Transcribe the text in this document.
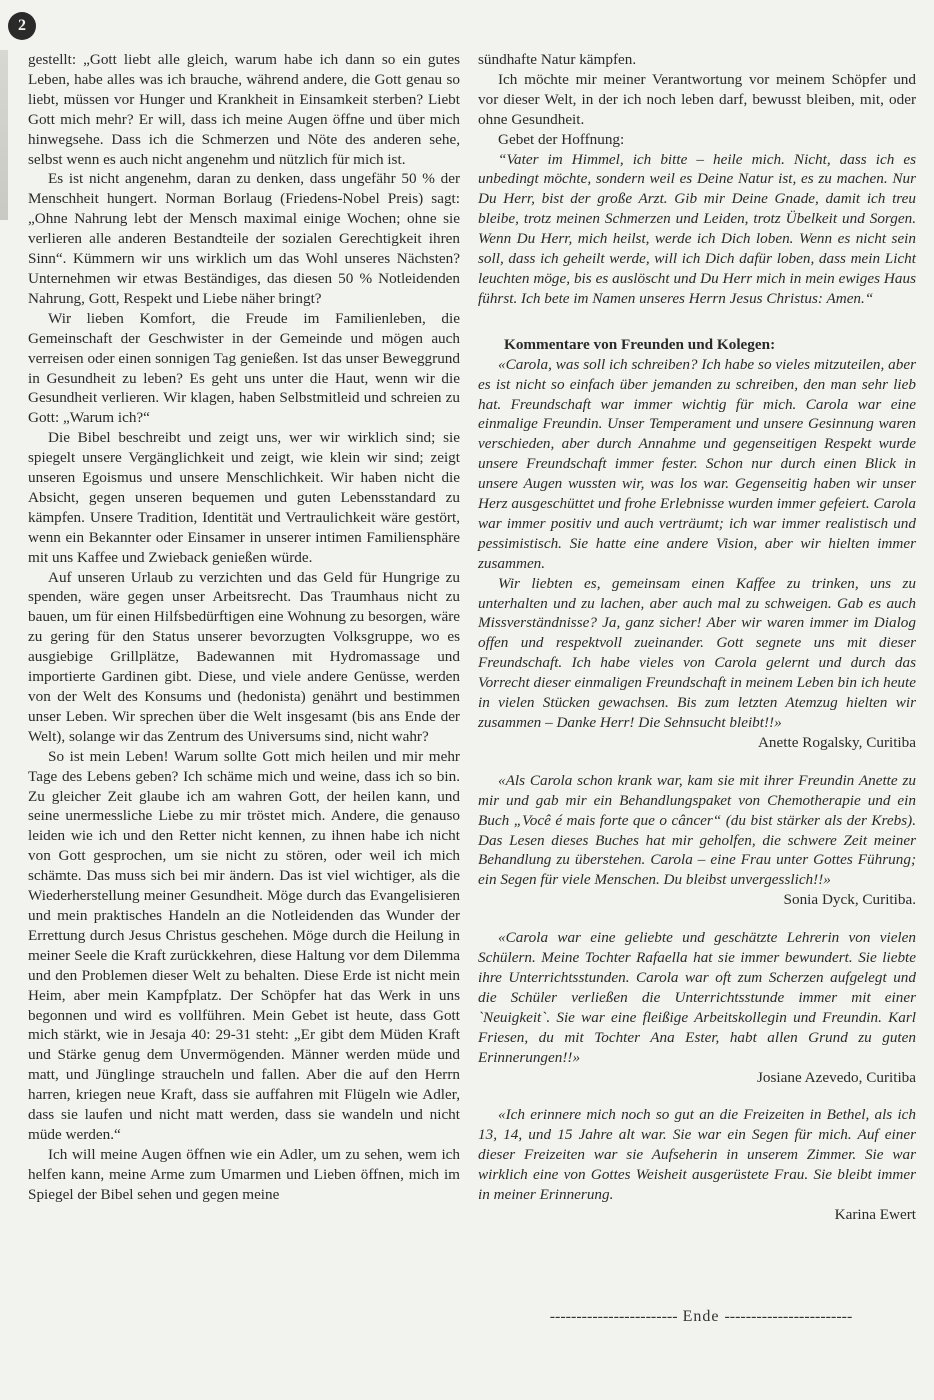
2

gestellt: „Gott liebt alle gleich, warum habe ich dann so ein gutes Leben, habe alles was ich brauche, während andere, die Gott genau so liebt, müssen vor Hunger und Krankheit in Einsamkeit sterben? Liebt Gott mich mehr? Er will, dass ich meine Augen öffne und über mich hinwegsehe. Dass ich die Schmerzen und Nöte des anderen sehe, selbst wenn es auch nicht angenehm und nützlich für mich ist.

Es ist nicht angenehm, daran zu denken, dass ungefähr 50 % der Menschheit hungert. Norman Borlaug (Friedens-Nobel Preis) sagt: „Ohne Nahrung lebt der Mensch maximal einige Wochen; ohne sie verlieren alle anderen Bestandteile der sozialen Gerechtigkeit ihren Sinn“. Kümmern wir uns wirklich um das Wohl unseres Nächsten? Unternehmen wir etwas Beständiges, das diesen 50 % Notleidenden Nahrung, Gott, Respekt und Liebe näher bringt?

Wir lieben Komfort, die Freude im Familienleben, die Gemeinschaft der Geschwister in der Gemeinde und mögen auch verreisen oder einen sonnigen Tag genießen. Ist das unser Beweggrund in Gesundheit zu leben? Es geht uns unter die Haut, wenn wir die Gesundheit verlieren. Wir klagen, haben Selbstmitleid und schreien zu Gott: „Warum ich?“

Die Bibel beschreibt und zeigt uns, wer wir wirklich sind; sie spiegelt unsere Vergänglichkeit und zeigt, wie klein wir sind; zeigt unseren Egoismus und unsere Menschlichkeit. Wir haben nicht die Absicht, gegen unseren bequemen und guten Lebensstandard zu kämpfen. Unsere Tradition, Identität und Vertraulichkeit wäre gestört, wenn ein Bekannter oder Einsamer in unserer intimen Familiensphäre mit uns Kaffee und Zwieback genießen würde.

Auf unseren Urlaub zu verzichten und das Geld für Hungrige zu spenden, wäre gegen unser Arbeitsrecht. Das Traumhaus nicht zu bauen, um für einen Hilfsbedürftigen eine Wohnung zu besorgen, wäre zu gering für den Status unserer bevorzugten Volksgruppe, wo es ausgiebige Grillplätze, Badewannen mit Hydromassage und importierte Gardinen gibt. Diese, und viele andere Genüsse, werden von der Welt des Konsums und (hedonista) genährt und bestimmen unser Leben. Wir sprechen über die Welt insgesamt (bis ans Ende der Welt), solange wir das Zentrum des Universums sind, nicht wahr?

So ist mein Leben! Warum sollte Gott mich heilen und mir mehr Tage des Lebens geben? Ich schäme mich und weine, dass ich so bin. Zu gleicher Zeit glaube ich am wahren Gott, der heilen kann, und seine unermessliche Liebe zu mir tröstet mich. Andere, die genauso leiden wie ich und den Retter nicht kennen, zu ihnen habe ich nicht von Gott gesprochen, um sie nicht zu stören, oder weil ich mich schämte. Das muss sich bei mir ändern. Das ist viel wichtiger, als die Wiederherstellung meiner Gesundheit. Möge durch das Evangelisieren und mein praktisches Handeln an die Notleidenden das Wunder der Errettung durch Jesus Christus geschehen. Möge durch die Heilung in meiner Seele die Kraft zurückkehren, diese Haltung vor dem Dilemma und den Problemen dieser Welt zu behalten. Diese Erde ist nicht mein Heim, aber mein Kampfplatz. Der Schöpfer hat das Werk in uns begonnen und wird es vollführen. Mein Gebet ist heute, dass Gott mich stärkt, wie in Jesaja 40: 29-31 steht: „Er gibt dem Müden Kraft und Stärke genug dem Unvermögenden. Männer werden müde und matt, und Jünglinge straucheln und fallen. Aber die auf den Herrn harren, kriegen neue Kraft, dass sie auffahren mit Flügeln wie Adler, dass sie laufen und nicht matt werden, dass sie wandeln und nicht müde werden.“

Ich will meine Augen öffnen wie ein Adler, um zu sehen, wem ich helfen kann, meine Arme zum Umarmen und Lieben öffnen, mich im Spiegel der Bibel sehen und gegen meine

sündhafte Natur kämpfen.

Ich möchte mir meiner Verantwortung vor meinem Schöpfer und vor dieser Welt, in der ich noch leben darf, bewusst bleiben, mit, oder ohne Gesundheit.

Gebet der Hoffnung:

“Vater im Himmel, ich bitte – heile mich. Nicht, dass ich es unbedingt möchte, sondern weil es Deine Natur ist, es zu machen. Nur Du Herr, bist der große Arzt. Gib mir Deine Gnade, damit ich treu bleibe, trotz meinen Schmerzen und Leiden, trotz Übelkeit und Sorgen. Wenn Du Herr, mich heilst, werde ich Dich loben. Wenn es nicht sein soll, dass ich geheilt werde, will ich Dich dafür loben, dass mein Licht leuchten möge, bis es auslöscht und Du Herr mich in mein ewiges Haus führst. Ich bete im Namen unseres Herrn Jesus Christus: Amen.“

Kommentare von Freunden und Kolegen:

«Carola, was soll ich schreiben? Ich habe so vieles mitzuteilen, aber es ist nicht so einfach über jemanden zu schreiben, den man sehr lieb hat. Freundschaft war immer wichtig für mich. Carola war eine einmalige Freundin. Unser Temperament und unsere Gesinnung waren verschieden, aber durch Annahme und gegenseitigen Respekt wurde unsere Freundschaft immer fester. Schon nur durch einen Blick in unsere Augen wussten wir, was los war. Gegenseitig haben wir unser Herz ausgeschüttet und frohe Erlebnisse wurden immer gefeiert. Carola war immer positiv und auch verträumt; ich war immer realistisch und pessimistisch. Sie hatte eine andere Vision, aber wir hielten immer zusammen.

Wir liebten es, gemeinsam einen Kaffee zu trinken, uns zu unterhalten und zu lachen, aber auch mal zu schweigen. Gab es auch Missverständnisse? Ja, ganz sicher! Aber wir waren immer im Dialog offen und respektvoll zueinander. Gott segnete uns mit dieser Freundschaft. Ich habe vieles von Carola gelernt und durch das Vorrecht dieser einmaligen Freundschaft in meinem Leben bin ich heute in vielen Stücken gewachsen. Bis zum letzten Atemzug hielten wir zusammen – Danke Herr! Die Sehnsucht bleibt!!»

Anette Rogalsky, Curitiba

«Als Carola schon krank war, kam sie mit ihrer Freundin Anette zu mir und gab mir ein Behandlungspaket von Chemotherapie und ein Buch „Você é mais forte que o câncer“ (du bist stärker als der Krebs). Das Lesen dieses Buches hat mir geholfen, die schwere Zeit meiner Behandlung zu überstehen. Carola – eine Frau unter Gottes Führung; ein Segen für viele Menschen. Du bleibst unvergesslich!!»

Sonia Dyck, Curitiba.

«Carola war eine geliebte und geschätzte Lehrerin von vielen Schülern. Meine Tochter Rafaella hat sie immer bewundert. Sie liebte ihre Unterrichtsstunden. Carola war oft zum Scherzen aufgelegt und die Schüler verließen die Unterrichtsstunde immer mit einer `Neuigkeit`. Sie war eine fleißige Arbeitskollegin und Freundin. Karl Friesen, du mit Tochter Ana Ester, habt allen Grund zu guten Erinnerungen!!»

Josiane Azevedo, Curitiba

«Ich erinnere mich noch so gut an die Freizeiten in Bethel, als ich 13, 14, und 15 Jahre alt war. Sie war ein Segen für mich. Auf einer dieser Freizeiten war sie Aufseherin in unserem Zimmer. Sie war wirklich eine von Gottes Weisheit ausgerüstete Frau. Sie bleibt immer in meiner Erinnerung.

Karina Ewert

------------------------ Ende ------------------------
